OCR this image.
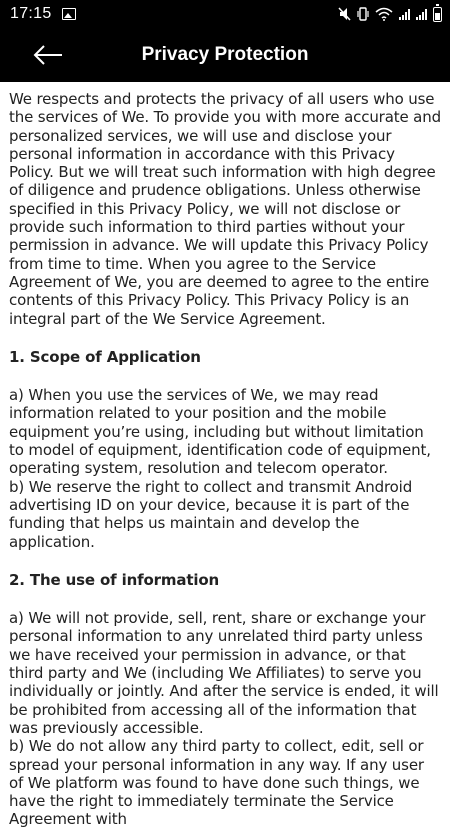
17:15
Privacy Protection

We respects and protects the privacy of all users who use the services of We. To provide you with more accurate and personalized services, we will use and disclose your personal information in accordance with this Privacy Policy. But we will treat such information with high degree of diligence and prudence obligations. Unless otherwise specified in this Privacy Policy, we will not disclose or provide such information to third parties without your permission in advance. We will update this Privacy Policy from time to time. When you agree to the Service Agreement of We, you are deemed to agree to the entire contents of this Privacy Policy. This Privacy Policy is an integral part of the We Service Agreement.

1. Scope of Application

a) When you use the services of We, we may read information related to your position and the mobile equipment you’re using, including but without limitation to model of equipment, identification code of equipment, operating system, resolution and telecom operator.

b) We reserve the right to collect and transmit Android advertising ID on your device, because it is part of the funding that helps us maintain and develop the application.

2. The use of information

a) We will not provide, sell, rent, share or exchange your personal information to any unrelated third party unless we have received your permission in advance, or that third party and We (including We Affiliates) to serve you individually or jointly. And after the service is ended, it will be prohibited from accessing all of the information that was previously accessible.

b) We do not allow any third party to collect, edit, sell or spread your personal information in any way. If any user of We platform was found to have done such things, we have the right to immediately terminate the Service Agreement with
